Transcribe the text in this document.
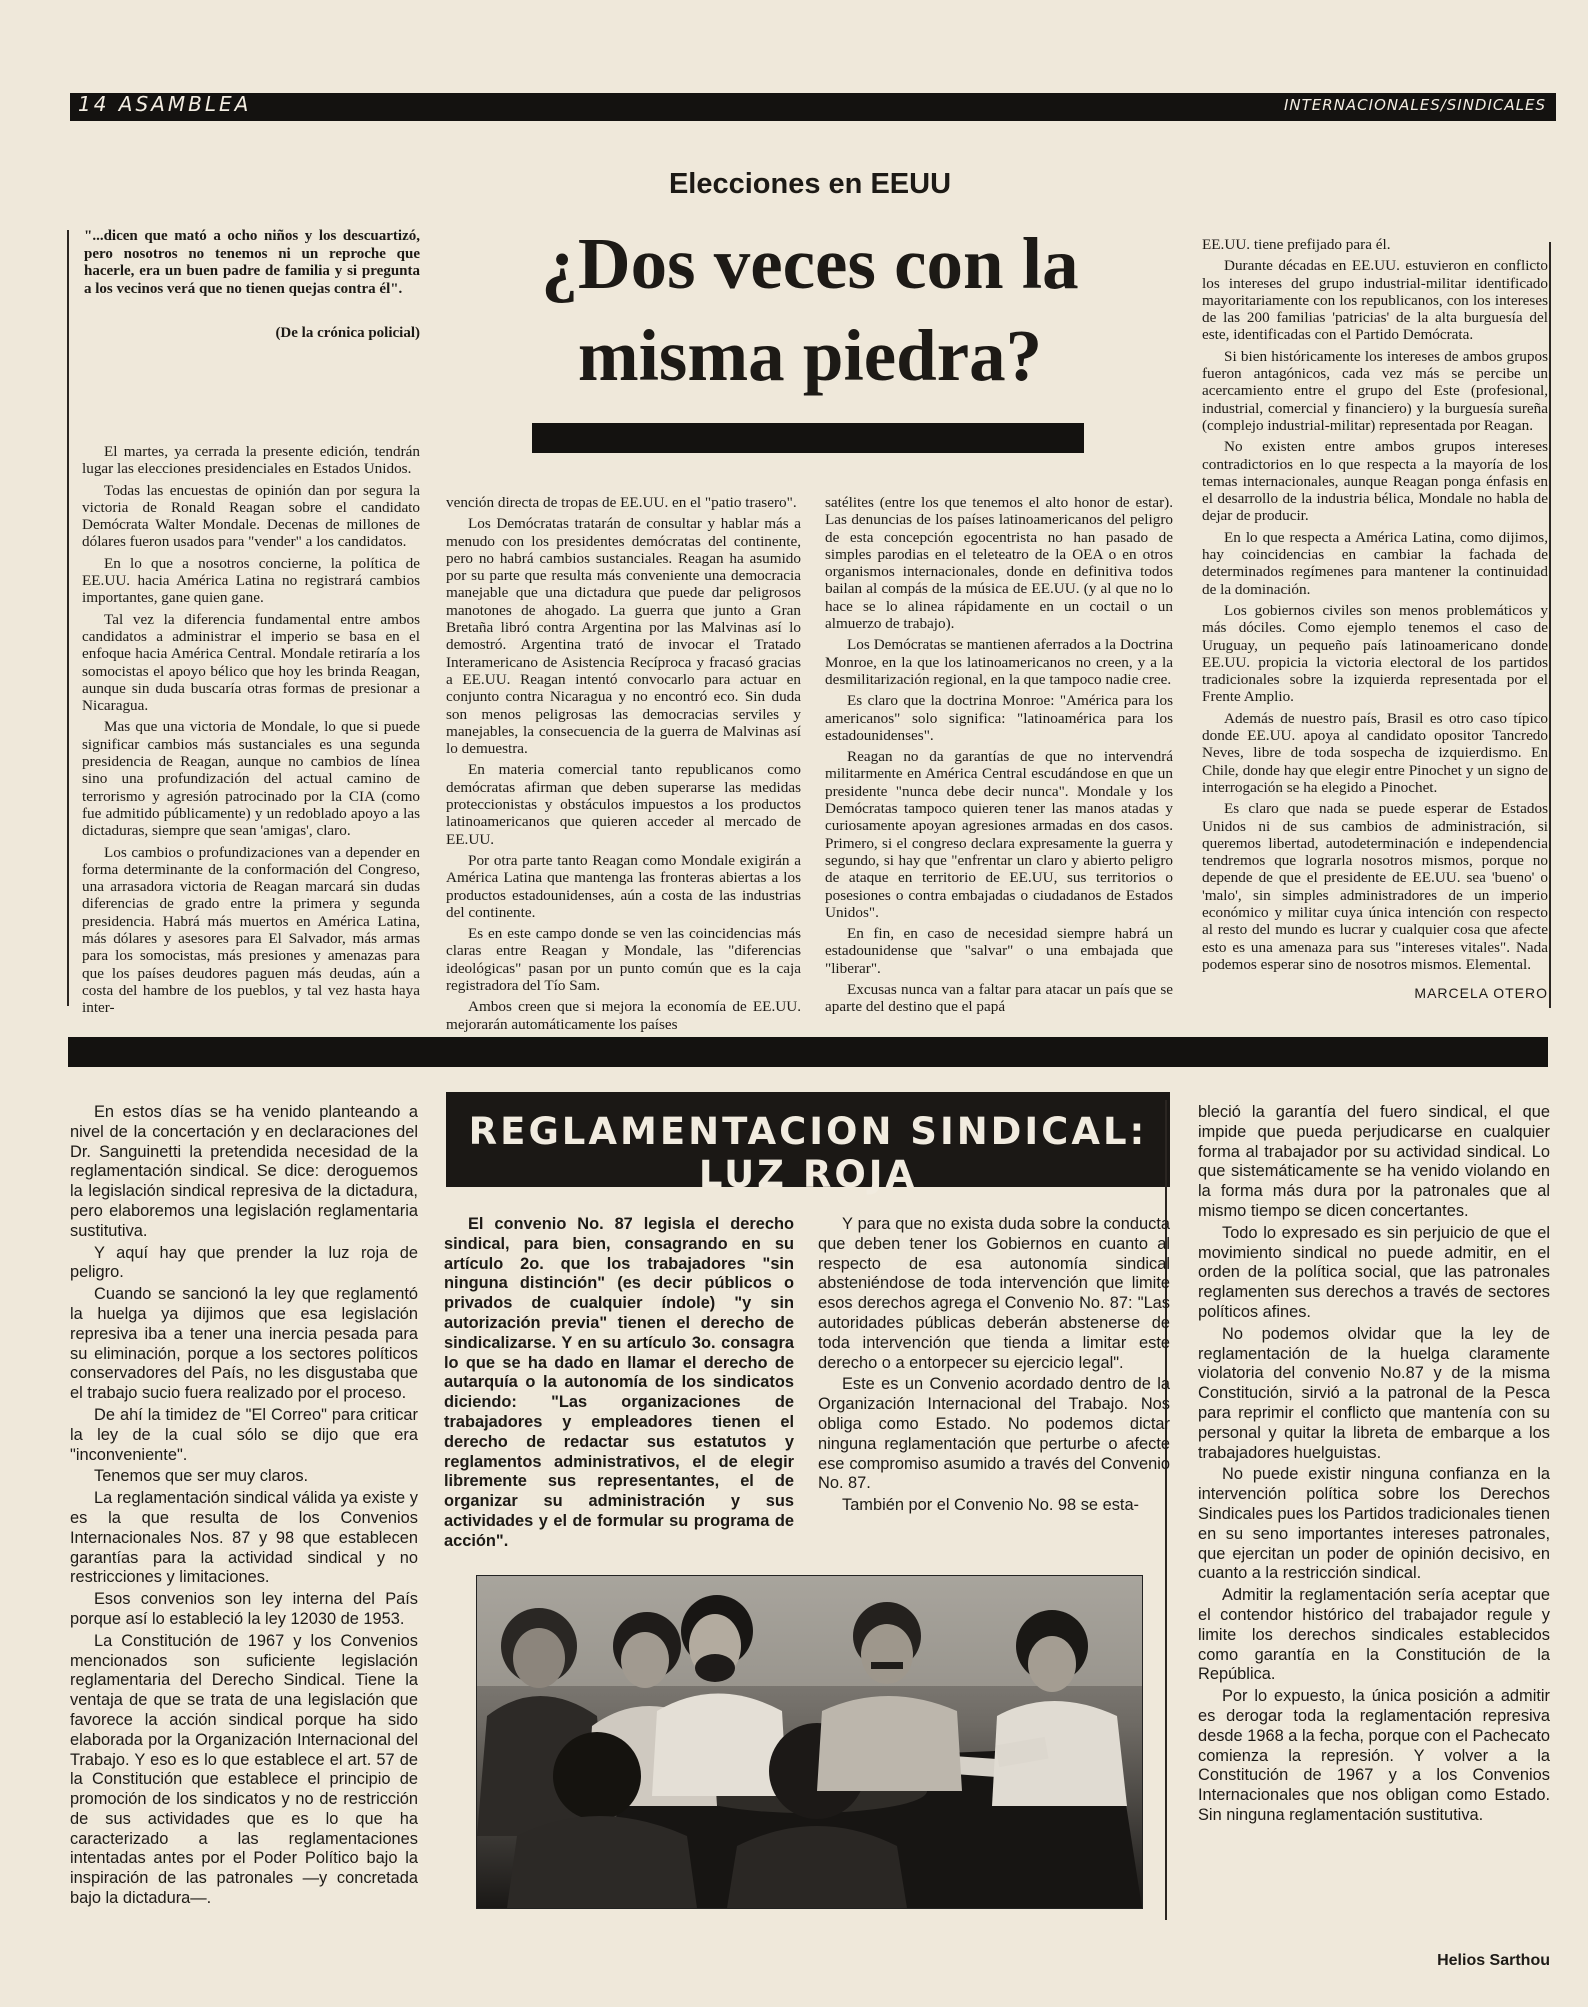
14 ASAMBLEA	INTERNACIONALES/SINDICALES
Elecciones en EEUU
¿Dos veces con la
misma piedra?
"...dicen que mató a ocho niños y los descuartizó, pero nosotros no tenemos ni un reproche que hacerle, era un buen padre de familia y si pregunta a los vecinos verá que no tienen quejas contra él".
(De la crónica policial)

El martes, ya cerrada la presente edición, tendrán lugar las elecciones presidenciales en Estados Unidos.

Todas las encuestas de opinión dan por segura la victoria de Ronald Reagan sobre el candidato Demócrata Walter Mondale. Decenas de millones de dólares fueron usados para "vender" a los candidatos.

En lo que a nosotros concierne, la política de EE.UU. hacia América Latina no registrará cambios importantes, gane quien gane.

Tal vez la diferencia fundamental entre ambos candidatos a administrar el imperio se basa en el enfoque hacia América Central. Mondale retiraría a los somocistas el apoyo bélico que hoy les brinda Reagan, aunque sin duda buscaría otras formas de presionar a Nicaragua.

Mas que una victoria de Mondale, lo que si puede significar cambios más sustanciales es una segunda presidencia de Reagan, aunque no cambios de línea sino una profundización del actual camino de terrorismo y agresión patrocinado por la CIA (como fue admitido públicamente) y un redoblado apoyo a las dictaduras, siempre que sean 'amigas', claro.

Los cambios o profundizaciones van a depender en forma determinante de la conformación del Congreso, una arrasadora victoria de Reagan marcará sin dudas diferencias de grado entre la primera y segunda presidencia. Habrá más muertos en América Latina, más dólares y asesores para El Salvador, más armas para los somocistas, más presiones y amenazas para que los países deudores paguen más deudas, aún a costa del hambre de los pueblos, y tal vez hasta haya inter-

vención directa de tropas de EE.UU. en el "patio trasero".

Los Demócratas tratarán de consultar y hablar más a menudo con los presidentes demócratas del continente, pero no habrá cambios sustanciales. Reagan ha asumido por su parte que resulta más conveniente una democracia manejable que una dictadura que puede dar peligrosos manotones de ahogado. La guerra que junto a Gran Bretaña libró contra Argentina por las Malvinas así lo demostró. Argentina trató de invocar el Tratado Interamericano de Asistencia Recíproca y fracasó gracias a EE.UU. Reagan intentó convocarlo para actuar en conjunto contra Nicaragua y no encontró eco. Sin duda son menos peligrosas las democracias serviles y manejables, la consecuencia de la guerra de Malvinas así lo demuestra.

En materia comercial tanto republicanos como demócratas afirman que deben superarse las medidas proteccionistas y obstáculos impuestos a los productos latinoamericanos que quieren acceder al mercado de EE.UU.

Por otra parte tanto Reagan como Mondale exigirán a América Latina que mantenga las fronteras abiertas a los productos estadounidenses, aún a costa de las industrias del continente.

Es en este campo donde se ven las coincidencias más claras entre Reagan y Mondale, las "diferencias ideológicas" pasan por un punto común que es la caja registradora del Tío Sam.

Ambos creen que si mejora la economía de EE.UU. mejorarán automáticamente los países

satélites (entre los que tenemos el alto honor de estar). Las denuncias de los países latinoamericanos del peligro de esta concepción egocentrista no han pasado de simples parodias en el teleteatro de la OEA o en otros organismos internacionales, donde en definitiva todos bailan al compás de la música de EE.UU. (y al que no lo hace se lo alinea rápidamente en un coctail o un almuerzo de trabajo).

Los Demócratas se mantienen aferrados a la Doctrina Monroe, en la que los latinoamericanos no creen, y a la desmilitarización regional, en la que tampoco nadie cree.

Es claro que la doctrina Monroe: "América para los americanos" solo significa: "latinoamérica para los estadounidenses".

Reagan no da garantías de que no intervendrá militarmente en América Central escudándose en que un presidente "nunca debe decir nunca". Mondale y los Demócratas tampoco quieren tener las manos atadas y curiosamente apoyan agresiones armadas en dos casos. Primero, si el congreso declara expresamente la guerra y segundo, si hay que "enfrentar un claro y abierto peligro de ataque en territorio de EE.UU, sus territorios o posesiones o contra embajadas o ciudadanos de Estados Unidos".

En fin, en caso de necesidad siempre habrá un estadounidense que "salvar" o una embajada que "liberar".

Excusas nunca van a faltar para atacar un país que se aparte del destino que el papá

EE.UU. tiene prefijado para él.

Durante décadas en EE.UU. estuvieron en conflicto los intereses del grupo industrial-militar identificado mayoritariamente con los republicanos, con los intereses de las 200 familias 'patricias' de la alta burguesía del este, identificadas con el Partido Demócrata.

Si bien históricamente los intereses de ambos grupos fueron antagónicos, cada vez más se percibe un acercamiento entre el grupo del Este (profesional, industrial, comercial y financiero) y la burguesía sureña (complejo industrial-militar) representada por Reagan.

No existen entre ambos grupos intereses contradictorios en lo que respecta a la mayoría de los temas internacionales, aunque Reagan ponga énfasis en el desarrollo de la industria bélica, Mondale no habla de dejar de producir.

En lo que respecta a América Latina, como dijimos, hay coincidencias en cambiar la fachada de determinados regímenes para mantener la continuidad de la dominación.

Los gobiernos civiles son menos problemáticos y más dóciles. Como ejemplo tenemos el caso de Uruguay, un pequeño país latinoamericano donde EE.UU. propicia la victoria electoral de los partidos tradicionales sobre la izquierda representada por el Frente Amplio.

Además de nuestro país, Brasil es otro caso típico donde EE.UU. apoya al candidato opositor Tancredo Neves, libre de toda sospecha de izquierdismo. En Chile, donde hay que elegir entre Pinochet y un signo de interrogación se ha elegido a Pinochet.

Es claro que nada se puede esperar de Estados Unidos ni de sus cambios de administración, si queremos libertad, autodeterminación e independencia tendremos que lograrla nosotros mismos, porque no depende de que el presidente de EE.UU. sea 'bueno' o 'malo', sin simples administradores de un imperio económico y militar cuya única intención con respecto al resto del mundo es lucrar y cualquier cosa que afecte esto es una amenaza para sus "intereses vitales". Nada podemos esperar sino de nosotros mismos. Elemental.

MARCELA OTERO
REGLAMENTACION SINDICAL: LUZ ROJA

En estos días se ha venido planteando a nivel de la concertación y en declaraciones del Dr. Sanguinetti la pretendida necesidad de la reglamentación sindical. Se dice: deroguemos la legislación sindical represiva de la dictadura, pero elaboremos una legislación reglamentaria sustitutiva.

Y aquí hay que prender la luz roja de peligro.

Cuando se sancionó la ley que reglamentó la huelga ya dijimos que esa legislación represiva iba a tener una inercia pesada para su eliminación, porque a los sectores políticos conservadores del País, no les disgustaba que el trabajo sucio fuera realizado por el proceso.

De ahí la timidez de "El Correo" para criticar la ley de la cual sólo se dijo que era "inconveniente".

Tenemos que ser muy claros.

La reglamentación sindical válida ya existe y es la que resulta de los Convenios Internacionales Nos. 87 y 98 que establecen garantías para la actividad sindical y no restricciones y limitaciones.

Esos convenios son ley interna del País porque así lo estableció la ley 12030 de 1953.

La Constitución de 1967 y los Convenios mencionados son suficiente legislación reglamentaria del Derecho Sindical. Tiene la ventaja de que se trata de una legislación que favorece la acción sindical porque ha sido elaborada por la Organización Internacional del Trabajo. Y eso es lo que establece el art. 57 de la Constitución que establece el principio de promoción de los sindicatos y no de restricción de sus actividades que es lo que ha caracterizado a las reglamentaciones intentadas antes por el Poder Político bajo la inspiración de las patronales —y concretada bajo la dictadura—.

El convenio No. 87 legisla el derecho sindical, para bien, consagrando en su artículo 2o. que los trabajadores "sin ninguna distinción" (es decir públicos o privados de cualquier índole) "y sin autorización previa" tienen el derecho de sindicalizarse. Y en su artículo 3o. consagra lo que se ha dado en llamar el derecho de autarquía o la autonomía de los sindicatos diciendo: "Las organizaciones de trabajadores y empleadores tienen el derecho de redactar sus estatutos y reglamentos administrativos, el de elegir libremente sus representantes, el de organizar su administración y sus actividades y el de formular su programa de acción".

Y para que no exista duda sobre la conducta que deben tener los Gobiernos en cuanto al respecto de esa autonomía sindical absteniéndose de toda intervención que limite esos derechos agrega el Convenio No. 87: "Las autoridades públicas deberán abstenerse de toda intervención que tienda a limitar este derecho o a entorpecer su ejercicio legal".

Este es un Convenio acordado dentro de la Organización Internacional del Trabajo. Nos obliga como Estado. No podemos dictar ninguna reglamentación que perturbe o afecte ese compromiso asumido a través del Convenio No. 87.

También por el Convenio No. 98 se esta-

bleció la garantía del fuero sindical, el que impide que pueda perjudicarse en cualquier forma al trabajador por su actividad sindical. Lo que sistemáticamente se ha venido violando en la forma más dura por la patronales que al mismo tiempo se dicen concertantes.

Todo lo expresado es sin perjuicio de que el movimiento sindical no puede admitir, en el orden de la política social, que las patronales reglamenten sus derechos a través de sectores políticos afines.

No podemos olvidar que la ley de reglamentación de la huelga claramente violatoria del convenio No.87 y de la misma Constitución, sirvió a la patronal de la Pesca para reprimir el conflicto que mantenía con su personal y quitar la libreta de embarque a los trabajadores huelguistas.

No puede existir ninguna confianza en la intervención política sobre los Derechos Sindicales pues los Partidos tradicionales tienen en su seno importantes intereses patronales, que ejercitan un poder de opinión decisivo, en cuanto a la restricción sindical.

Admitir la reglamentación sería aceptar que el contendor histórico del trabajador regule y limite los derechos sindicales establecidos como garantía en la Constitución de la República.

Por lo expuesto, la única posición a admitir es derogar toda la reglamentación represiva desde 1968 a la fecha, porque con el Pachecato comienza la represión. Y volver a la Constitución de 1967 y a los Convenios Internacionales que nos obligan como Estado. Sin ninguna reglamentación sustitutiva.

Helios Sarthou
